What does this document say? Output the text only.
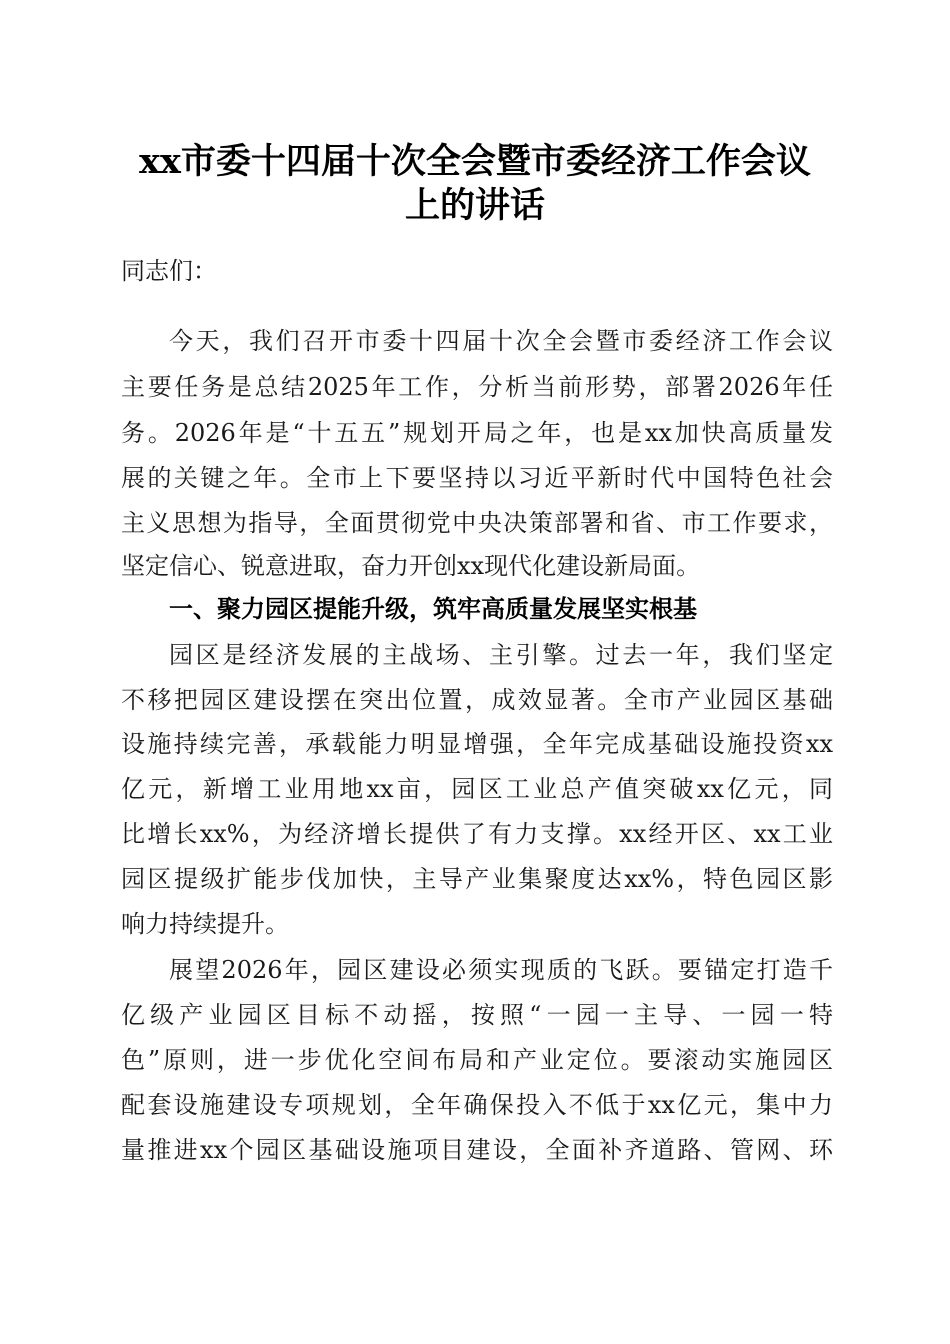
xx市委十四届十次全会暨市委经济工作会议
上的讲话
同志们：
今天，我们召开市委十四届十次全会暨市委经济工作会议
主要任务是总结2025年工作，分析当前形势，部署2026年任
务。2026年是“十五五”规划开局之年，也是xx加快高质量发
展的关键之年。全市上下要坚持以习近平新时代中国特色社会
主义思想为指导，全面贯彻党中央决策部署和省、市工作要求，
坚定信心、锐意进取，奋力开创xx现代化建设新局面。
一、聚力园区提能升级，筑牢高质量发展坚实根基
园区是经济发展的主战场、主引擎。过去一年，我们坚定
不移把园区建设摆在突出位置，成效显著。全市产业园区基础
设施持续完善，承载能力明显增强，全年完成基础设施投资xx
亿元，新增工业用地xx亩，园区工业总产值突破xx亿元，同
比增长xx%，为经济增长提供了有力支撑。xx经开区、xx工业
园区提级扩能步伐加快，主导产业集聚度达xx%，特色园区影
响力持续提升。
展望2026年，园区建设必须实现质的飞跃。要锚定打造千
亿级产业园区目标不动摇，按照“一园一主导、一园一特
色”原则，进一步优化空间布局和产业定位。要滚动实施园区
配套设施建设专项规划，全年确保投入不低于xx亿元，集中力
量推进xx个园区基础设施项目建设，全面补齐道路、管网、环
